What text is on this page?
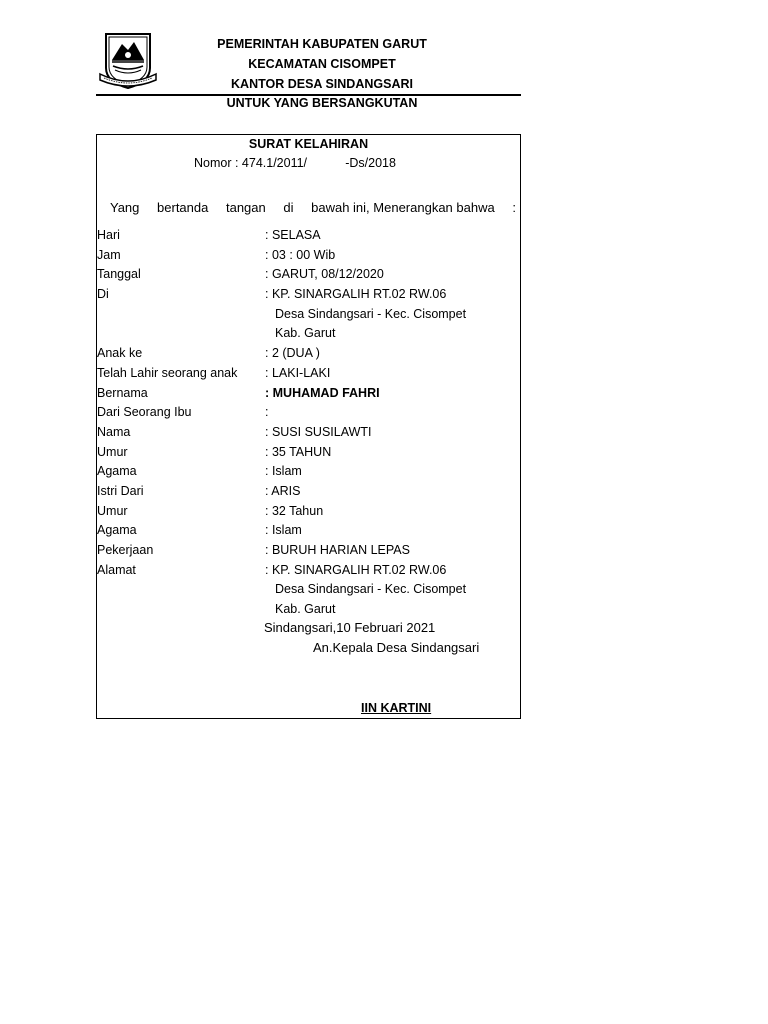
PEMERINTAH KABUPATEN GARUT
KECAMATAN CISOMPET
KANTOR DESA SINDANGSARI
UNTUK YANG BERSANGKUTAN
SURAT KELAHIRAN
Nomor : 474.1/2011/           -Ds/2018
Yang bertanda tangan di bawah ini, Menerangkan bahwa :
Hari	: SELASA
Jam	: 03 : 00 Wib
Tanggal	: GARUT, 08/12/2020
Di	: KP. SINARGALIH RT.02 RW.06
Desa Sindangsari - Kec. Cisompet
Kab. Garut
Anak ke	: 2 (DUA )
Telah Lahir seorang anak : LAKI-LAKI
Bernama	: MUHAMAD FAHRI
Dari Seorang Ibu	:
Nama	: SUSI SUSILAWTI
Umur	: 35 TAHUN
Agama	: Islam
Istri Dari	: ARIS
Umur	: 32 Tahun
Agama	: Islam
Pekerjaan	: BURUH HARIAN LEPAS
Alamat	: KP. SINARGALIH RT.02 RW.06
Desa Sindangsari - Kec. Cisompet
Kab. Garut
Sindangsari,10 Februari 2021
An.Kepala Desa Sindangsari
IIN KARTINI
